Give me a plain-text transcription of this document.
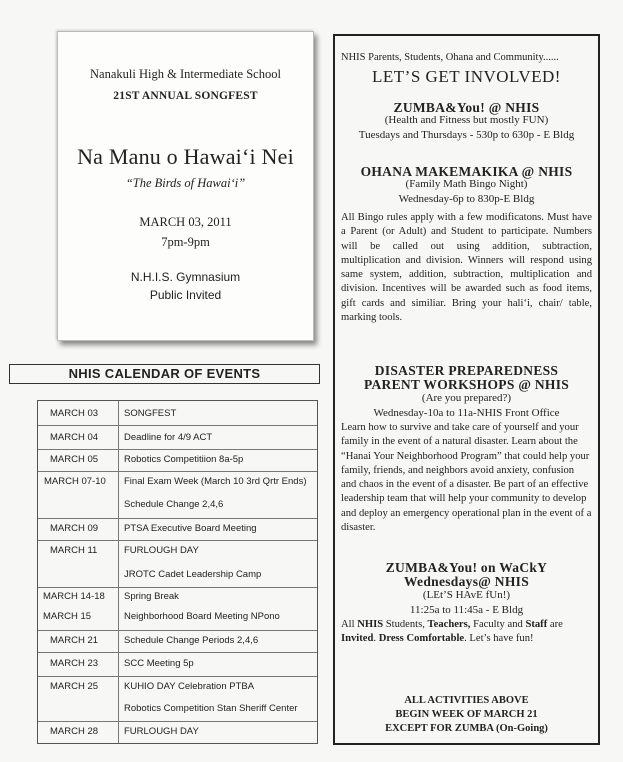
Nanakuli High & Intermediate School
21ST ANNUAL SONGFEST
Na Manu o Hawai‘i Nei
“The Birds of Hawai‘i”
MARCH 03, 2011
7pm-9pm
N.H.I.S. Gymnasium
Public Invited
NHIS CALENDAR OF EVENTS
MARCH 03	SONGFEST
MARCH 04	Deadline for 4/9 ACT
MARCH 05	Robotics Competitiion 8a-5p
MARCH 07-10 Final Exam Week (March 10 3rd Qrtr Ends)
Schedule Change 2,4,6
MARCH 09	PTSA Executive Board Meeting
MARCH 11	FURLOUGH DAY
JROTC Cadet Leadership Camp
MARCH 14-18 Spring Break
MARCH 15	Neighborhood Board Meeting NPono
MARCH 21	Schedule Change Periods 2,4,6
MARCH 23	SCC Meeting 5p
MARCH 25	KUHIO DAY Celebration PTBA
Robotics Competition Stan Sheriff Center
MARCH 28	FURLOUGH DAY
NHIS Parents, Students, Ohana and Community......
LET’S GET INVOLVED!
ZUMBA&You! @ NHIS
(Health and Fitness but mostly FUN)
Tuesdays and Thursdays - 530p to 630p - E Bldg
OHANA MAKEMAKIKA @ NHIS
(Family Math Bingo Night)
Wednesday-6p to 830p-E Bldg
All Bingo rules apply with a few modificatons. Must have a Parent (or Adult) and Student to participate. Numbers will be called out using addition, subtraction, multiplication and division. Winners will respond using same system, addition, subtraction, multiplication and division. Incentives will be awarded such as food items, gift cards and similiar. Bring your hali‘i, chair/ table, marking tools.
DISASTER PREPAREDNESS
PARENT WORKSHOPS @ NHIS
(Are you prepared?)
Wednesday-10a to 11a-NHIS Front Office
Learn how to survive and take care of yourself and your family in the event of a natural disaster. Learn about the “Hanai Your Neighborhood Program” that could help your family, friends, and neighbors avoid anxiety, confusion and chaos in the event of a disaster. Be part of an effective leadership team that will help your community to develop and deploy an emergency operational plan in the event of a disaster.
ZUMBA&You! on WaCkY
Wednesdays@ NHIS
(LEt’S HAvE fUn!)
11:25a to 11:45a - E Bldg
All NHIS Students, Teachers, Faculty and Staff are Invited. Dress Comfortable. Let’s have fun!
ALL ACTIVITIES ABOVE
BEGIN WEEK OF MARCH 21
EXCEPT FOR ZUMBA (On-Going)
